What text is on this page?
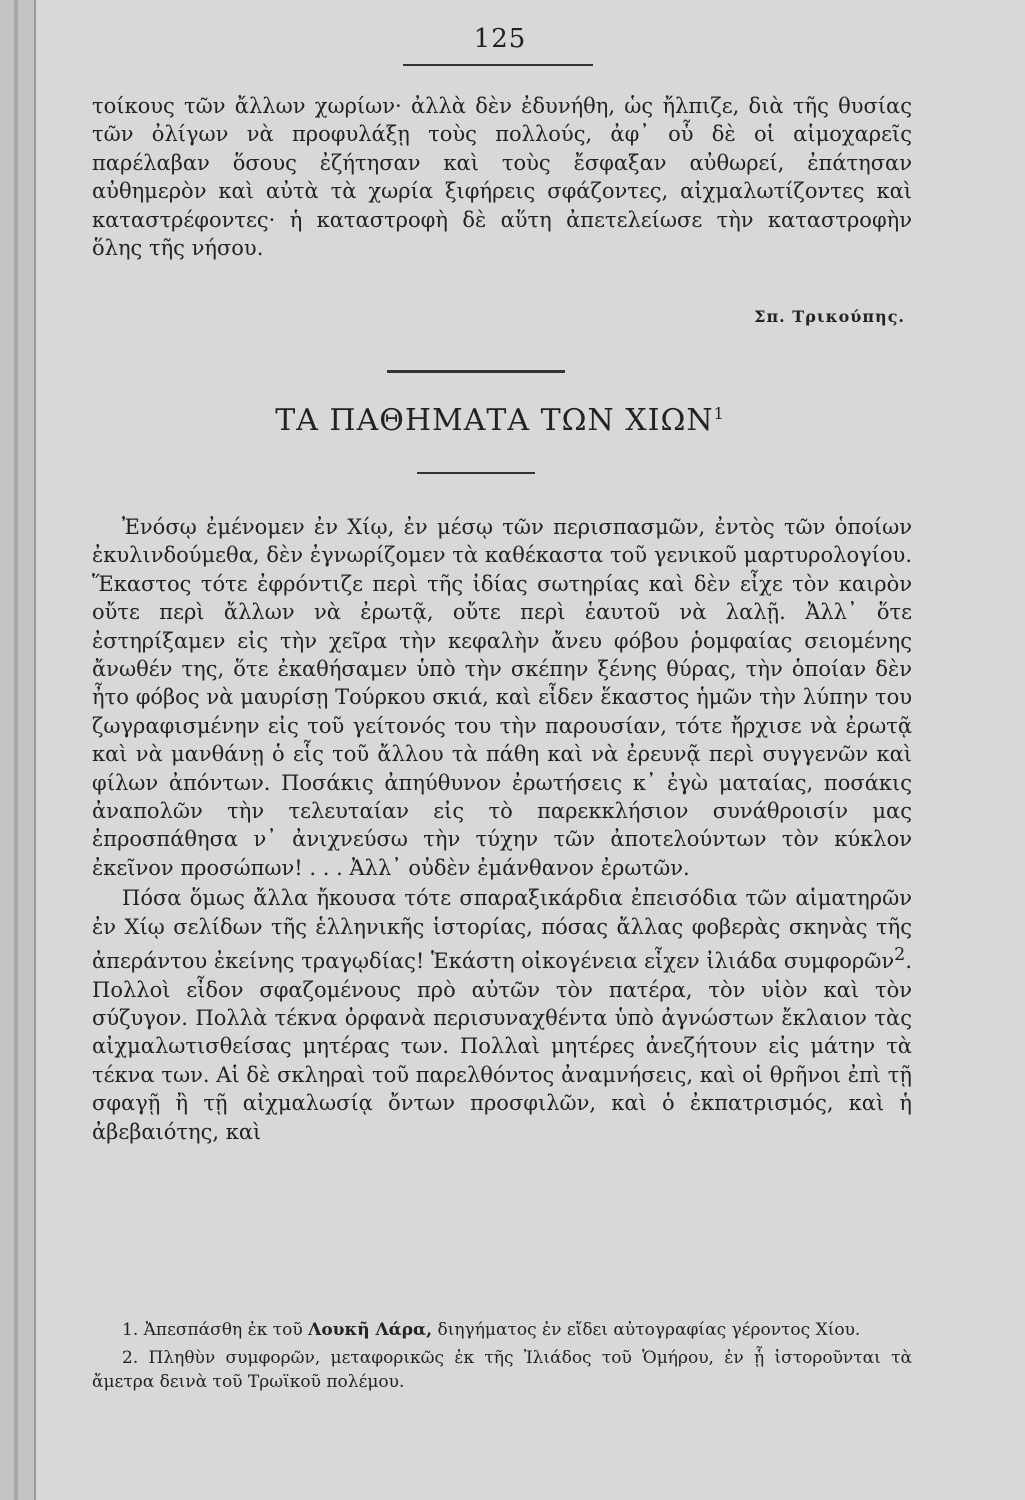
125

τοίκους τῶν ἄλλων χωρίων· ἀλλὰ δὲν ἐδυνήθη, ὡς ἤλπιζε, διὰ τῆς θυσίας τῶν ὀλίγων νὰ προφυλάξῃ τοὺς πολλούς, ἀφ᾽ οὗ δὲ οἱ αἱμοχαρεῖς παρέλαβαν ὅσους ἐζήτησαν καὶ τοὺς ἔσφαξαν αὐθωρεί, ἐπάτησαν αὐθημερὸν καὶ αὐτὰ τὰ χωρία ξιφήρεις σφάζοντες, αἰχμαλωτίζοντες καὶ καταστρέφοντες· ἡ καταστροφὴ δὲ αὕτη ἀπετελείωσε τὴν καταστροφὴν ὅλης τῆς νήσου.

Σπ. Τρικούπης.
ΤΑ ΠΑΘΗΜΑΤΑ ΤΩΝ ΧΙΩΝ$^1$

Ἐνόσῳ ἐμένομεν ἐν Χίῳ, ἐν μέσῳ τῶν περισπασμῶν, ἐντὸς τῶν ὁποίων ἐκυλινδούμεθα, δὲν ἐγνωρίζομεν τὰ καθέκαστα τοῦ γενικοῦ μαρτυρολογίου. Ἕκαστος τότε ἐφρόντιζε περὶ τῆς ἰδίας σωτηρίας καὶ δὲν εἶχε τὸν καιρὸν οὔτε περὶ ἄλλων νὰ ἐρωτᾷ, οὔτε περὶ ἑαυτοῦ νὰ λαλῇ. Ἀλλ᾽ ὅτε ἐστηρίξαμεν εἰς τὴν χεῖρα τὴν κεφαλὴν ἄνευ φόβου ῥομφαίας σειομένης ἄνωθέν της, ὅτε ἐκαθήσαμεν ὑπὸ τὴν σκέπην ξένης θύρας, τὴν ὁποίαν δὲν ἦτο φόβος νὰ μαυρίσῃ Τούρκου σκιά, καὶ εἶδεν ἕκαστος ἡμῶν τὴν λύπην του ζωγραφισμένην εἰς τοῦ γείτονός του τὴν παρουσίαν, τότε ἤρχισε νὰ ἐρωτᾷ καὶ νὰ μανθάνῃ ὁ εἷς τοῦ ἄλλου τὰ πάθη καὶ νὰ ἐρευνᾷ περὶ συγγενῶν καὶ φίλων ἀπόντων. Ποσάκις ἀπηύθυνον ἐρωτήσεις κ᾽ ἐγὼ ματαίας, ποσάκις ἀναπολῶν τὴν τελευταίαν εἰς τὸ παρεκκλήσιον συνάθροισίν μας ἐπροσπάθησα ν᾽ ἀνιχνεύσω τὴν τύχην τῶν ἀποτελούντων τὸν κύκλον ἐκεῖνον προσώπων! . . . Ἀλλ᾽ οὐδὲν ἐμάνθανον ἐρωτῶν.

Πόσα ὅμως ἄλλα ἤκουσα τότε σπαραξικάρδια ἐπεισόδια τῶν αἱματηρῶν ἐν Χίῳ σελίδων τῆς ἑλληνικῆς ἱστορίας, πόσας ἄλλας φοβερὰς σκηνὰς τῆς ἀπεράντου ἐκείνης τραγῳδίας! Ἑκάστη οἰκογένεια εἶχεν ἰλιάδα συμφορῶν$^2$. Πολλοὶ εἶδον σφαζομένους πρὸ αὐτῶν τὸν πατέρα, τὸν υἱὸν καὶ τὸν σύζυγον. Πολλὰ τέκνα ὀρφανὰ περισυναχθέντα ὑπὸ ἀγνώστων ἔκλαιον τὰς αἰχμαλωτισθείσας μητέρας των. Πολλαὶ μητέρες ἀνεζήτουν εἰς μάτην τὰ τέκνα των. Αἱ δὲ σκληραὶ τοῦ παρελθόντος ἀναμνήσεις, καὶ οἱ θρῆνοι ἐπὶ τῇ σφαγῇ ἢ τῇ αἰχμαλωσίᾳ ὄντων προσφιλῶν, καὶ ὁ ἐκπατρισμός, καὶ ἡ ἀβεβαιότης, καὶ

1. Ἀπεσπάσθη ἐκ τοῦ Λουκῆ Λάρα, διηγήματος ἐν εἴδει αὐτογραφίας γέροντος Χίου.

2. Πληθὺν συμφορῶν, μεταφορικῶς ἐκ τῆς Ἰλιάδος τοῦ Ὁμήρου, ἐν ᾗ ἱστοροῦνται τὰ ἄμετρα δεινὰ τοῦ Τρωϊκοῦ πολέμου.
